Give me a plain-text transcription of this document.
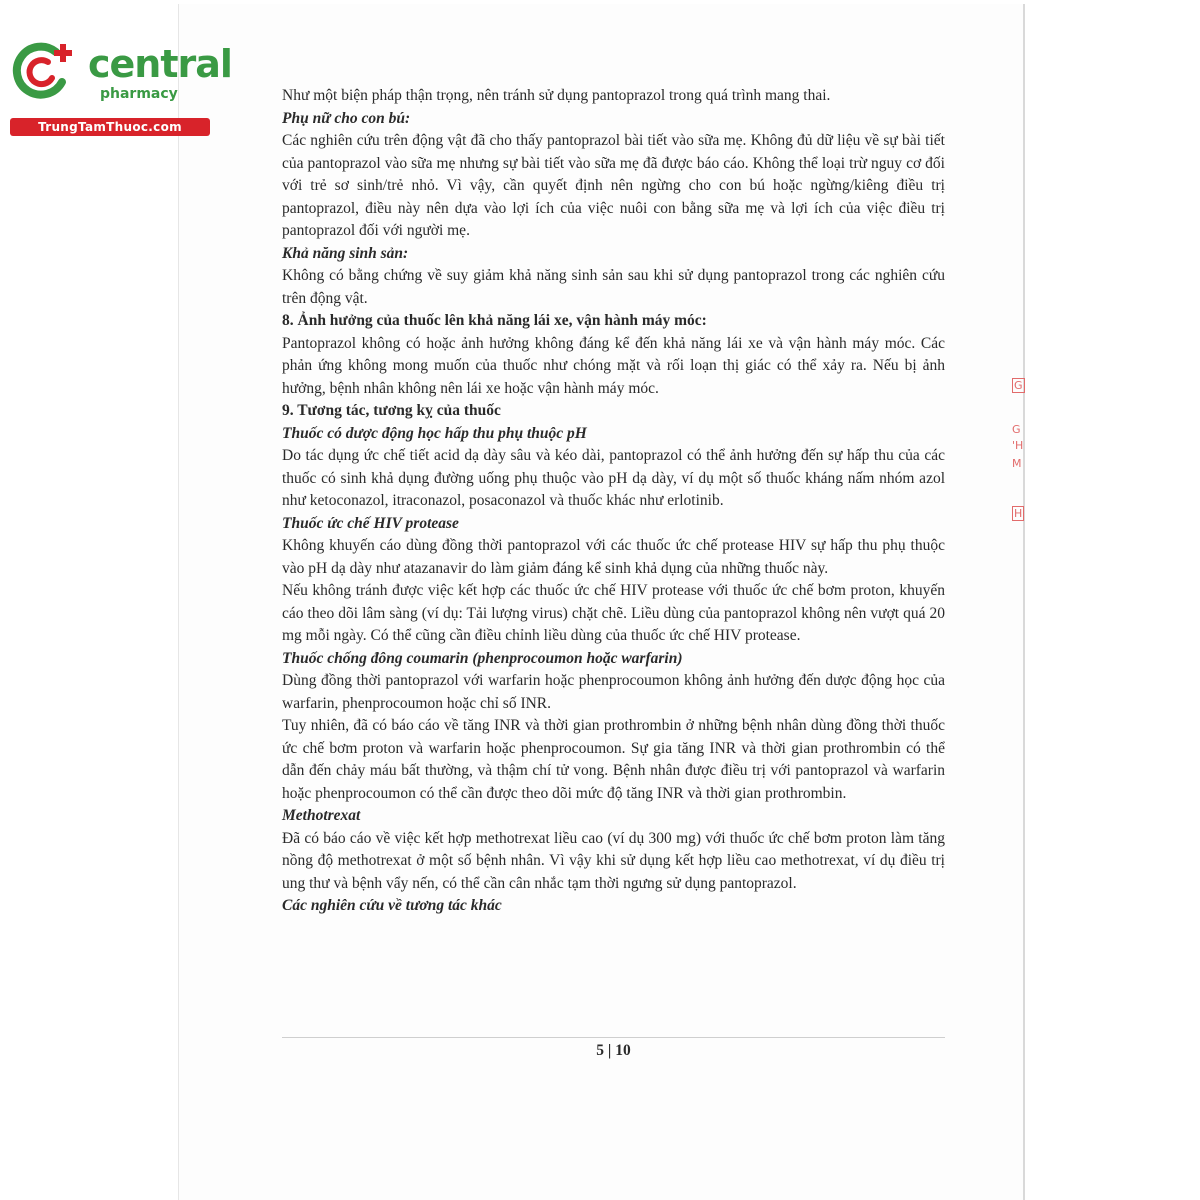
central
pharmacy
TrungTamThuoc.com

Như một biện pháp thận trọng, nên tránh sử dụng pantoprazol trong quá trình mang thai.

Phụ nữ cho con bú:

Các nghiên cứu trên động vật đã cho thấy pantoprazol bài tiết vào sữa mẹ. Không đủ dữ liệu về sự bài tiết của pantoprazol vào sữa mẹ nhưng sự bài tiết vào sữa mẹ đã được báo cáo. Không thể loại trừ nguy cơ đối với trẻ sơ sinh/trẻ nhỏ. Vì vậy, cần quyết định nên ngừng cho con bú hoặc ngừng/kiêng điều trị pantoprazol, điều này nên dựa vào lợi ích của việc nuôi con bằng sữa mẹ và lợi ích của việc điều trị pantoprazol đối với người mẹ.

Khả năng sinh sản:

Không có bằng chứng về suy giảm khả năng sinh sản sau khi sử dụng pantoprazol trong các nghiên cứu trên động vật.

8. Ảnh hưởng của thuốc lên khả năng lái xe, vận hành máy móc:

Pantoprazol không có hoặc ảnh hưởng không đáng kể đến khả năng lái xe và vận hành máy móc. Các phản ứng không mong muốn của thuốc như chóng mặt và rối loạn thị giác có thể xảy ra. Nếu bị ảnh hưởng, bệnh nhân không nên lái xe hoặc vận hành máy móc.

9. Tương tác, tương kỵ của thuốc

Thuốc có dược động học hấp thu phụ thuộc pH

Do tác dụng ức chế tiết acid dạ dày sâu và kéo dài, pantoprazol có thể ảnh hưởng đến sự hấp thu của các thuốc có sinh khả dụng đường uống phụ thuộc vào pH dạ dày, ví dụ một số thuốc kháng nấm nhóm azol như ketoconazol, itraconazol, posaconazol và thuốc khác như erlotinib.

Thuốc ức chế HIV protease

Không khuyến cáo dùng đồng thời pantoprazol với các thuốc ức chế protease HIV sự hấp thu phụ thuộc vào pH dạ dày như atazanavir do làm giảm đáng kể sinh khả dụng của những thuốc này.

Nếu không tránh được việc kết hợp các thuốc ức chế HIV protease với thuốc ức chế bơm proton, khuyến cáo theo dõi lâm sàng (ví dụ: Tải lượng virus) chặt chẽ. Liều dùng của pantoprazol không nên vượt quá 20 mg mỗi ngày. Có thể cũng cần điều chỉnh liều dùng của thuốc ức chế HIV protease.

Thuốc chống đông coumarin (phenprocoumon hoặc warfarin)

Dùng đồng thời pantoprazol với warfarin hoặc phenprocoumon không ảnh hưởng đến dược động học của warfarin, phenprocoumon hoặc chỉ số INR.

Tuy nhiên, đã có báo cáo về tăng INR và thời gian prothrombin ở những bệnh nhân dùng đồng thời thuốc ức chế bơm proton và warfarin hoặc phenprocoumon. Sự gia tăng INR và thời gian prothrombin có thể dẫn đến chảy máu bất thường, và thậm chí tử vong. Bệnh nhân được điều trị với pantoprazol và warfarin hoặc phenprocoumon có thể cần được theo dõi mức độ tăng INR và thời gian prothrombin.

Methotrexat

Đã có báo cáo về việc kết hợp methotrexat liều cao (ví dụ 300 mg) với thuốc ức chế bơm proton làm tăng nồng độ methotrexat ở một số bệnh nhân. Vì vậy khi sử dụng kết hợp liều cao methotrexat, ví dụ điều trị ung thư và bệnh vẩy nến, có thể cần cân nhắc tạm thời ngưng sử dụng pantoprazol.

Các nghiên cứu về tương tác khác

5 | 10
G
G
'H
M
H
